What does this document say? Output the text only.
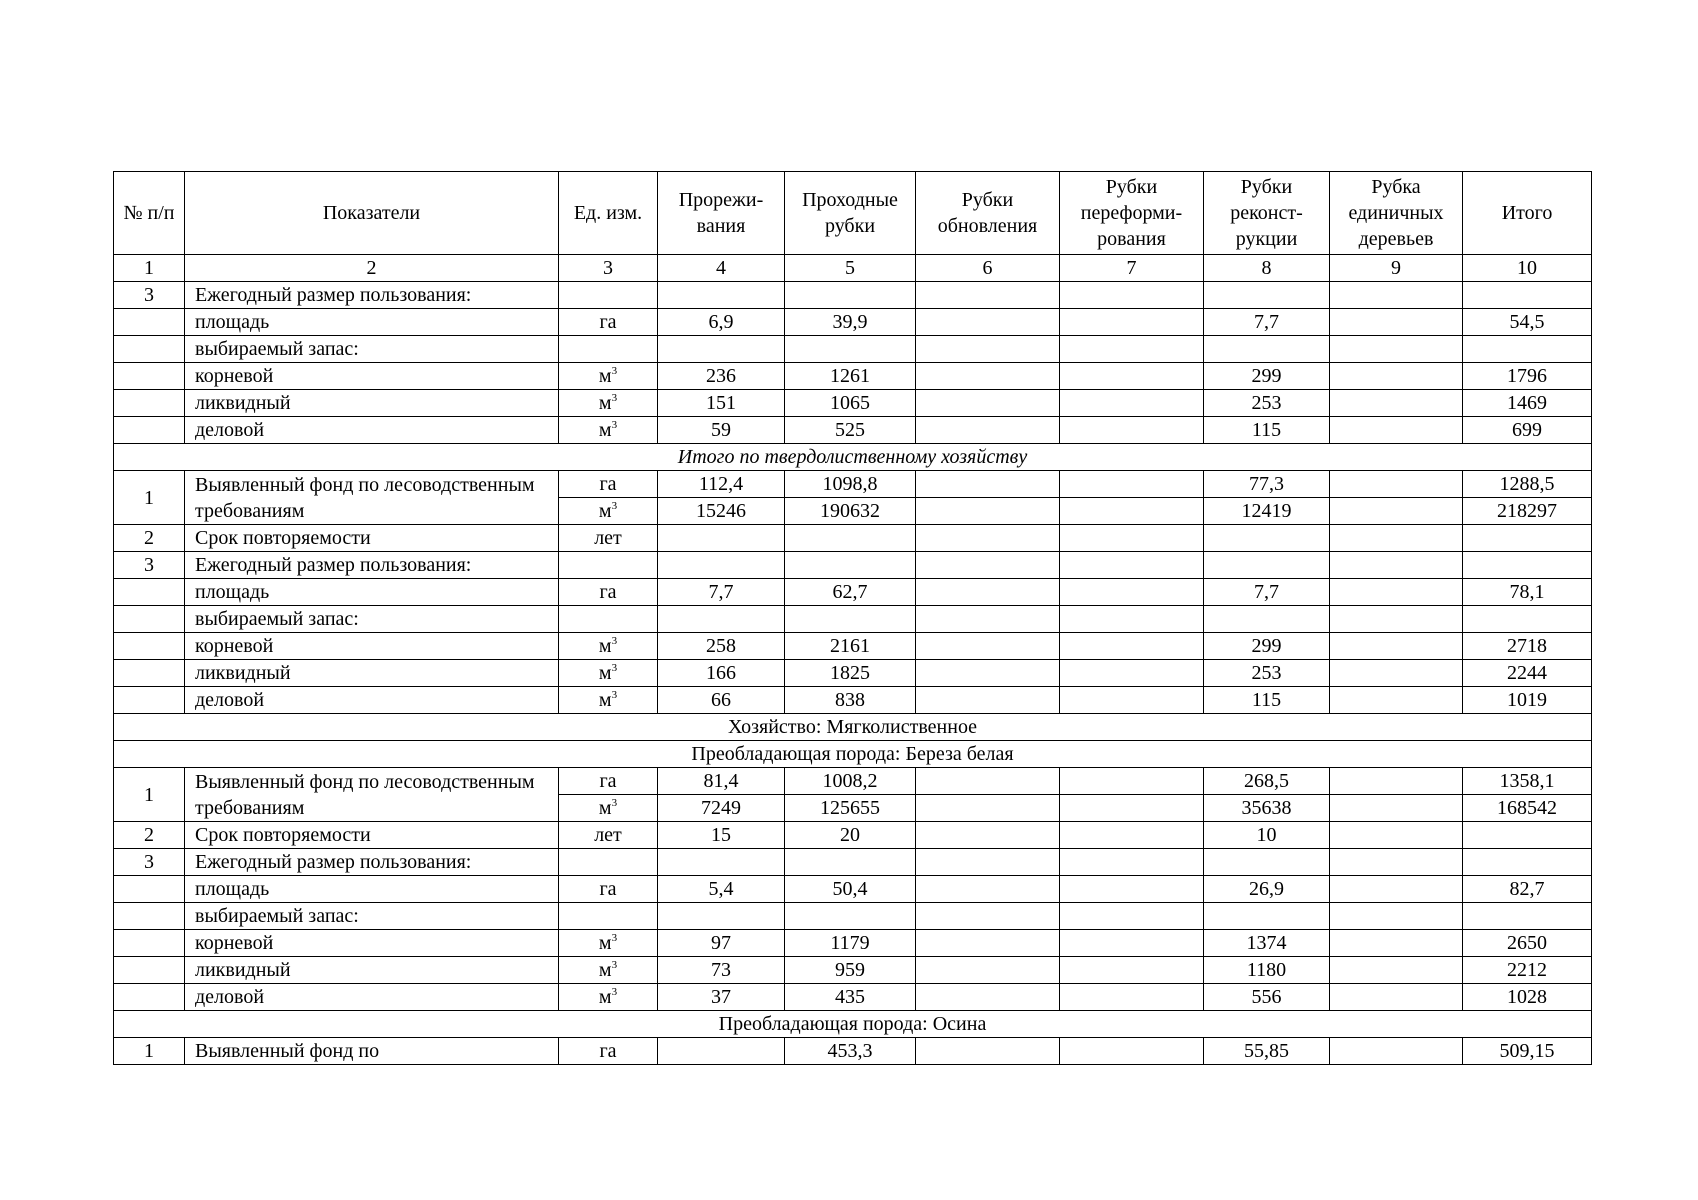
№ п/п	Показатели	Ед. изм.	Прорежи-вания	Проходные рубки	Рубки обновления	Рубки переформи-рования	Рубки реконст-рукции	Рубка единичных деревьев	Итого
1	2	3	4	5	6	7	8	9	10
3	Ежегодный размер пользования:								
	площадь	га	6,9	39,9			7,7		54,5
	выбираемый запас:								
	корневой	$м^3$	236	1261			299		1796
	ликвидный	$м^3$	151	1065			253		1469
	деловой	$м^3$	59	525			115		699
Итого по твердолиственному хозяйству									
1	Выявленный фонд по лесоводственным требованиям	га	112,4	1098,8			77,3		1288,5
		$м^3$	15246	190632			12419		218297
2	Срок повторяемости	лет							
3	Ежегодный размер пользования:								
	площадь	га	7,7	62,7			7,7		78,1
	выбираемый запас:								
	корневой	$м^3$	258	2161			299		2718
	ликвидный	$м^3$	166	1825			253		2244
	деловой	$м^3$	66	838			115		1019
Хозяйство: Мягколиственное									
Преобладающая порода: Береза белая									
1	Выявленный фонд по лесоводственным требованиям	га	81,4	1008,2			268,5		1358,1
		$м^3$	7249	125655			35638		168542
2	Срок повторяемости	лет	15	20			10		
3	Ежегодный размер пользования:								
	площадь	га	5,4	50,4			26,9		82,7
	выбираемый запас:								
	корневой	$м^3$	97	1179			1374		2650
	ликвидный	$м^3$	73	959			1180		2212
	деловой	$м^3$	37	435			556		1028
Преобладающая порода: Осина									
1	Выявленный фонд по	га		453,3			55,85		509,15
